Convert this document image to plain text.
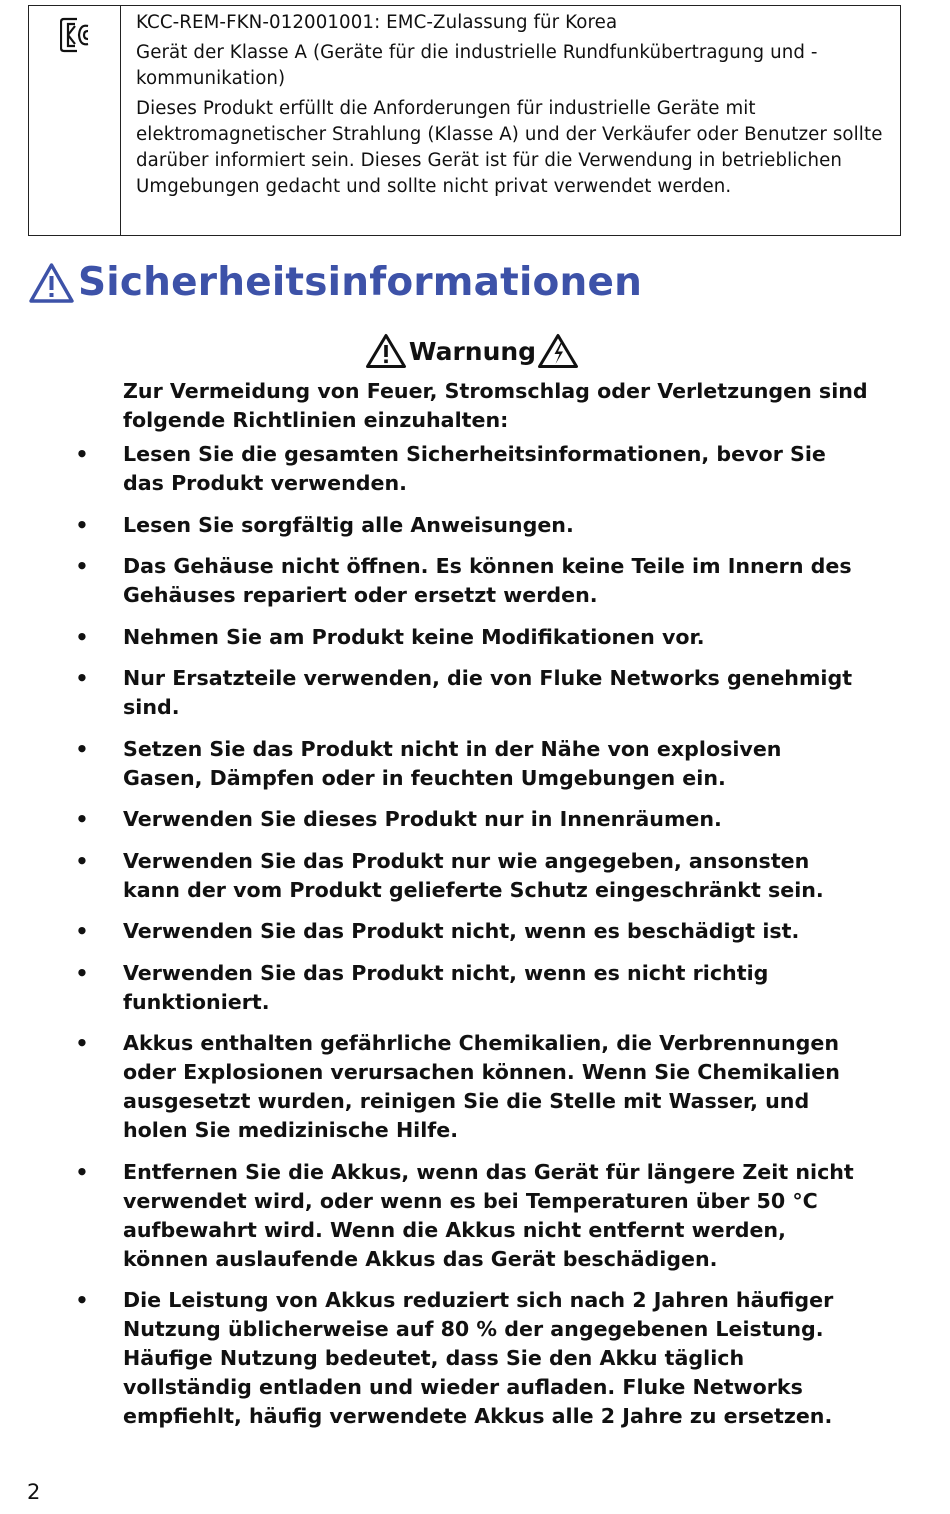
KCC-REM-FKN-012001001: EMC-Zulassung für Korea

Gerät der Klasse A (Geräte für die industrielle Rundfunkübertragung und -kommunikation)

Dieses Produkt erfüllt die Anforderungen für industrielle Geräte mit elektromagnetischer Strahlung (Klasse A) und der Verkäufer oder Benutzer sollte darüber informiert sein. Dieses Gerät ist für die Verwendung in betrieblichen Umgebungen gedacht und sollte nicht privat verwendet werden.

Sicherheitsinformationen
Warnung
Zur Vermeidung von Feuer, Stromschlag oder Verletzungen sind folgende Richtlinien einzuhalten:
• Lesen Sie die gesamten Sicherheitsinformationen, bevor Sie das Produkt verwenden.
• Lesen Sie sorgfältig alle Anweisungen.
• Das Gehäuse nicht öffnen. Es können keine Teile im Innern des Gehäuses repariert oder ersetzt werden.
• Nehmen Sie am Produkt keine Modifikationen vor.
• Nur Ersatzteile verwenden, die von Fluke Networks genehmigt sind.
• Setzen Sie das Produkt nicht in der Nähe von explosiven Gasen, Dämpfen oder in feuchten Umgebungen ein.
• Verwenden Sie dieses Produkt nur in Innenräumen.
• Verwenden Sie das Produkt nur wie angegeben, ansonsten kann der vom Produkt gelieferte Schutz eingeschränkt sein.
• Verwenden Sie das Produkt nicht, wenn es beschädigt ist.
• Verwenden Sie das Produkt nicht, wenn es nicht richtig funktioniert.
• Akkus enthalten gefährliche Chemikalien, die Verbrennungen oder Explosionen verursachen können. Wenn Sie Chemikalien ausgesetzt wurden, reinigen Sie die Stelle mit Wasser, und holen Sie medizinische Hilfe.
• Entfernen Sie die Akkus, wenn das Gerät für längere Zeit nicht verwendet wird, oder wenn es bei Temperaturen über 50 °C aufbewahrt wird. Wenn die Akkus nicht entfernt werden, können auslaufende Akkus das Gerät beschädigen.
• Die Leistung von Akkus reduziert sich nach 2 Jahren häufiger Nutzung üblicherweise auf 80 % der angegebenen Leistung. Häufige Nutzung bedeutet, dass Sie den Akku täglich vollständig entladen und wieder aufladen. Fluke Networks empfiehlt, häufig verwendete Akkus alle 2 Jahre zu ersetzen.
2
